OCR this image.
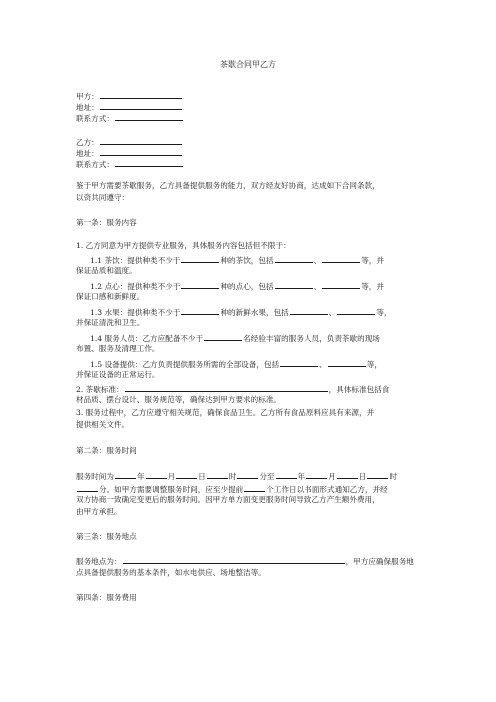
茶歇合同甲乙方
甲方：
地址：
联系方式：
乙方：
地址：
联系方式：
鉴于甲方需要茶歇服务，乙方具备提供服务的能力，双方经友好协商，达成如下合同条款，
以资共同遵守：
第一条：服务内容
1. 乙方同意为甲方提供专业服务，具体服务内容包括但不限于：
1.1 茶饮：提供种类不少于	种的茶饮，包括	、	等，并
保证品质和温度。
1.2 点心：提供种类不少于	种的点心，包括	、	等，并
保证口感和新鲜度。
1.3 水果：提供种类不少于	种的新鲜水果，包括	、	等，
并保证清洗和卫生。
1.4 服务人员：乙方应配备不少于	名经验丰富的服务人员，负责茶歇的现场
布置、服务及清理工作。
1.5 设备提供：乙方负责提供服务所需的全部设备，包括	、	等，
并保证设备的正常运行。
2. 茶歇标准：	，具体标准包括食
材品质、摆台设计、服务规范等，确保达到甲方要求的标准。
3. 服务过程中，乙方应遵守相关规范，确保食品卫生。乙方所有食品原料应具有来源，并
提供相关文件。
第二条：服务时间
服务时间为	年	月	日	时	分至	年	月	日	时
分。如甲方需要调整服务时间，应至少提前	个工作日以书面形式通知乙方，并经
双方协商一致确定变更后的服务时间。因甲方单方面变更服务时间导致乙方产生额外费用，
由甲方承担。
第三条：服务地点
服务地点为：	，甲方应确保服务地
点具备提供服务的基本条件，如水电供应、场地整洁等。
第四条：服务费用
